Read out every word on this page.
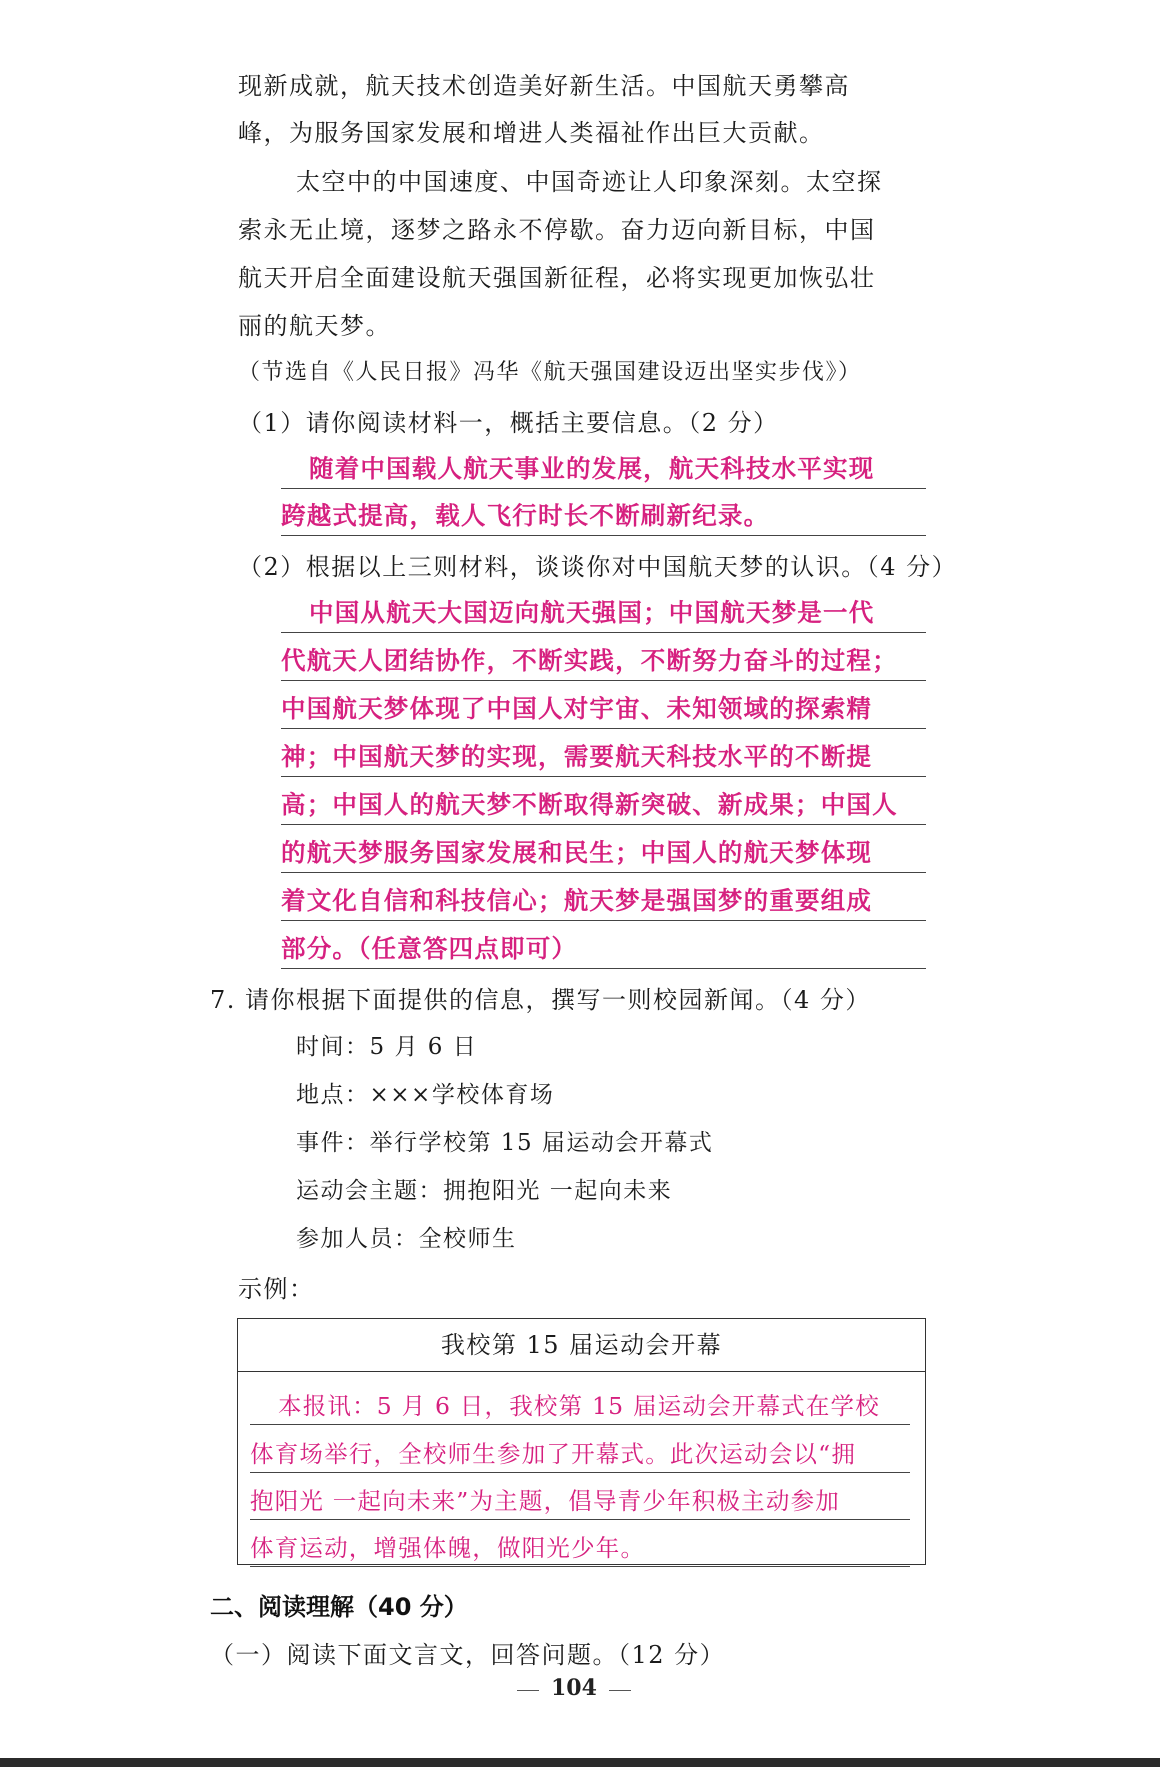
现新成就，航天技术创造美好新生活。中国航天勇攀高
峰，为服务国家发展和增进人类福祉作出巨大贡献。
太空中的中国速度、中国奇迹让人印象深刻。太空探
索永无止境，逐梦之路永不停歇。奋力迈向新目标，中国
航天开启全面建设航天强国新征程，必将实现更加恢弘壮
丽的航天梦。
（节选自《人民日报》冯华《航天强国建设迈出坚实步伐》）
（1）请你阅读材料一，概括主要信息。（2 分）
随着中国载人航天事业的发展，航天科技水平实现
跨越式提高，载人飞行时长不断刷新纪录。
（2）根据以上三则材料，谈谈你对中国航天梦的认识。（4 分）
中国从航天大国迈向航天强国；中国航天梦是一代
代航天人团结协作，不断实践，不断努力奋斗的过程；
中国航天梦体现了中国人对宇宙、未知领域的探索精
神；中国航天梦的实现，需要航天科技水平的不断提
高；中国人的航天梦不断取得新突破、新成果；中国人
的航天梦服务国家发展和民生；中国人的航天梦体现
着文化自信和科技信心；航天梦是强国梦的重要组成
部分。（任意答四点即可）
7. 请你根据下面提供的信息，撰写一则校园新闻。（4 分）
时间：5 月 6 日
地点：×××学校体育场
事件：举行学校第 15 届运动会开幕式
运动会主题：拥抱阳光 一起向未来
参加人员：全校师生
示例：
我校第 15 届运动会开幕
本报讯：5 月 6 日，我校第 15 届运动会开幕式在学校
体育场举行，全校师生参加了开幕式。此次运动会以“拥
抱阳光 一起向未来”为主题，倡导青少年积极主动参加
体育运动，增强体魄，做阳光少年。
二、阅读理解（40 分）
（一）阅读下面文言文，回答问题。（12 分）
104
